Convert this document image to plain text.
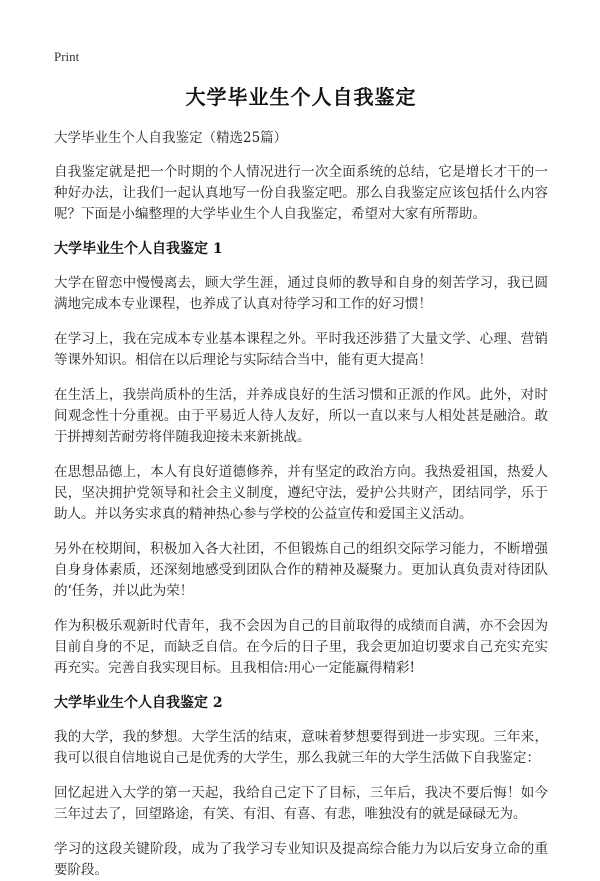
Print
大学毕业生个人自我鉴定
大学毕业生个人自我鉴定（精选25篇）

自我鉴定就是把一个时期的个人情况进行一次全面系统的总结，它是增长才干的一种好办法，让我们一起认真地写一份自我鉴定吧。那么自我鉴定应该包括什么内容呢？下面是小编整理的大学毕业生个人自我鉴定，希望对大家有所帮助。

大学毕业生个人自我鉴定 1

大学在留恋中慢慢离去，顾大学生涯，通过良师的教导和自身的刻苦学习，我已圆满地完成本专业课程，也养成了认真对待学习和工作的好习惯！

在学习上，我在完成本专业基本课程之外。平时我还涉猎了大量文学、心理、营销等课外知识。相信在以后理论与实际结合当中，能有更大提高！

在生活上，我崇尚质朴的生活，并养成良好的生活习惯和正派的作风。此外，对时间观念性十分重视。由于平易近人待人友好，所以一直以来与人相处甚是融洽。敢于拼搏刻苦耐劳将伴随我迎接未来新挑战。

在思想品德上，本人有良好道德修养，并有坚定的政治方向。我热爱祖国，热爱人民，坚决拥护党领导和社会主义制度，遵纪守法，爱护公共财产，团结同学，乐于助人。并以务实求真的精神热心参与学校的公益宣传和爱国主义活动。

另外在校期间，积极加入各大社团，不但锻炼自己的组织交际学习能力，不断增强自身身体素质，还深刻地感受到团队合作的精神及凝聚力。更加认真负责对待团队的‘任务，并以此为荣！

作为积极乐观新时代青年，我不会因为自己的目前取得的成绩而自满，亦不会因为目前自身的不足，而缺乏自信。在今后的日子里，我会更加迫切要求自己充实充实再充实。完善自我实现目标。且我相信:用心一定能赢得精彩!

大学毕业生个人自我鉴定 2

我的大学，我的梦想。大学生活的结束，意味着梦想要得到进一步实现。三年来，我可以很自信地说自己是优秀的大学生，那么我就三年的大学生活做下自我鉴定：

回忆起进入大学的第一天起，我给自己定下了目标，三年后，我决不要后悔！如今三年过去了，回望路途，有笑、有泪、有喜、有悲，唯独没有的就是碌碌无为。

学习的这段关键阶段，成为了我学习专业知识及提高综合能力为以后安身立命的重要阶段。
